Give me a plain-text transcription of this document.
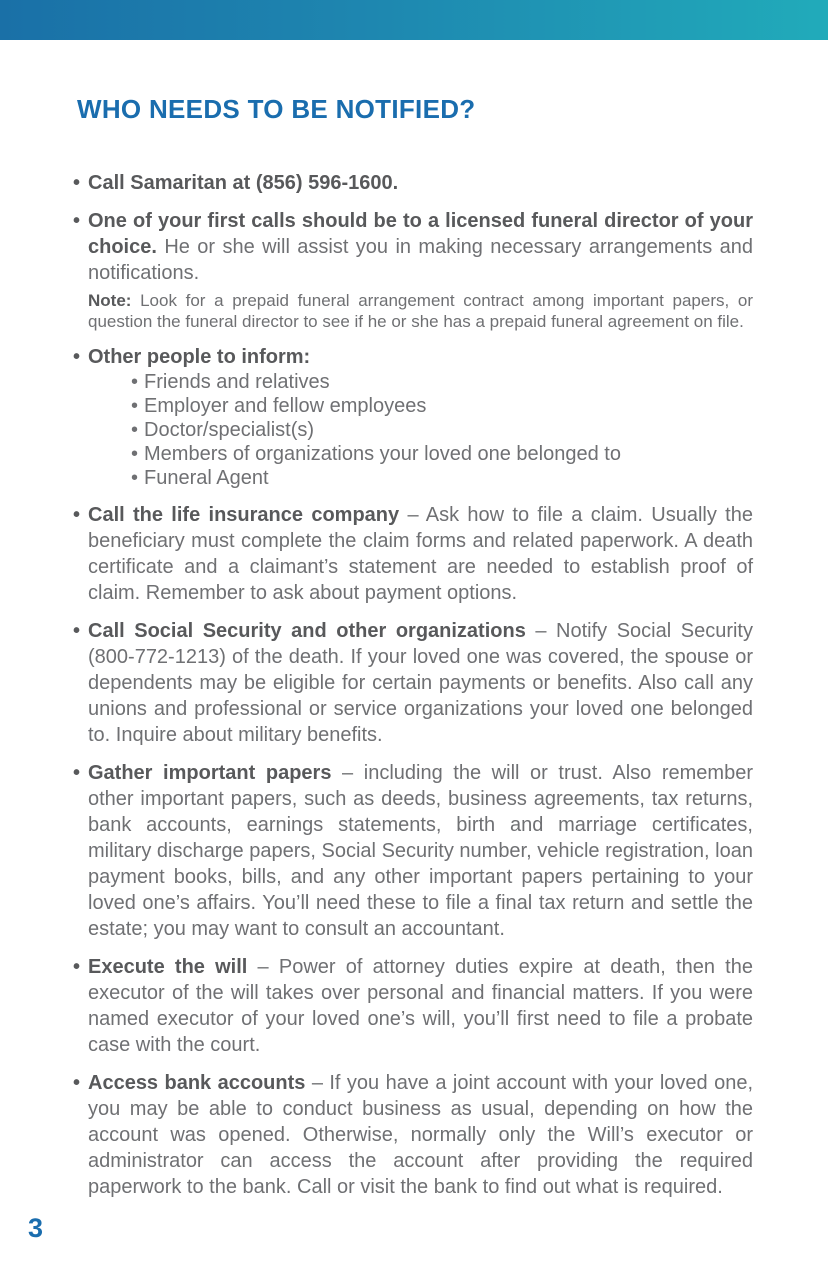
WHO NEEDS TO BE NOTIFIED?
• Call Samaritan at (856) 596-1600.

• One of your first calls should be to a licensed funeral director of your choice. He or she will assist you in making necessary arrangements and notifications.

Note: Look for a prepaid funeral arrangement contract among important papers, or question the funeral director to see if he or she has a prepaid funeral agreement on file.

• Other people to inform:

• Friends and relatives
• Employer and fellow employees
• Doctor/specialist(s)
• Members of organizations your loved one belonged to
• Funeral Agent
• Call the life insurance company – Ask how to file a claim. Usually the beneficiary must complete the claim forms and related paperwork. A death certificate and a claimant’s statement are needed to establish proof of claim. Remember to ask about payment options.

• Call Social Security and other organizations – Notify Social Security (800-772-1213) of the death. If your loved one was covered, the spouse or dependents may be eligible for certain payments or benefits. Also call any unions and professional or service organizations your loved one belonged to. Inquire about military benefits.

• Gather important papers – including the will or trust. Also remember other important papers, such as deeds, business agreements, tax returns, bank accounts, earnings statements, birth and marriage certificates, military discharge papers, Social Security number, vehicle registration, loan payment books, bills, and any other important papers pertaining to your loved one’s affairs. You’ll need these to file a final tax return and settle the estate; you may want to consult an accountant.

• Execute the will – Power of attorney duties expire at death, then the executor of the will takes over personal and financial matters. If you were named executor of your loved one’s will, you’ll first need to file a probate case with the court.

• Access bank accounts – If you have a joint account with your loved one, you may be able to conduct business as usual, depending on how the account was opened. Otherwise, normally only the Will’s executor or administrator can access the account after providing the required paperwork to the bank. Call or visit the bank to find out what is required.

3
